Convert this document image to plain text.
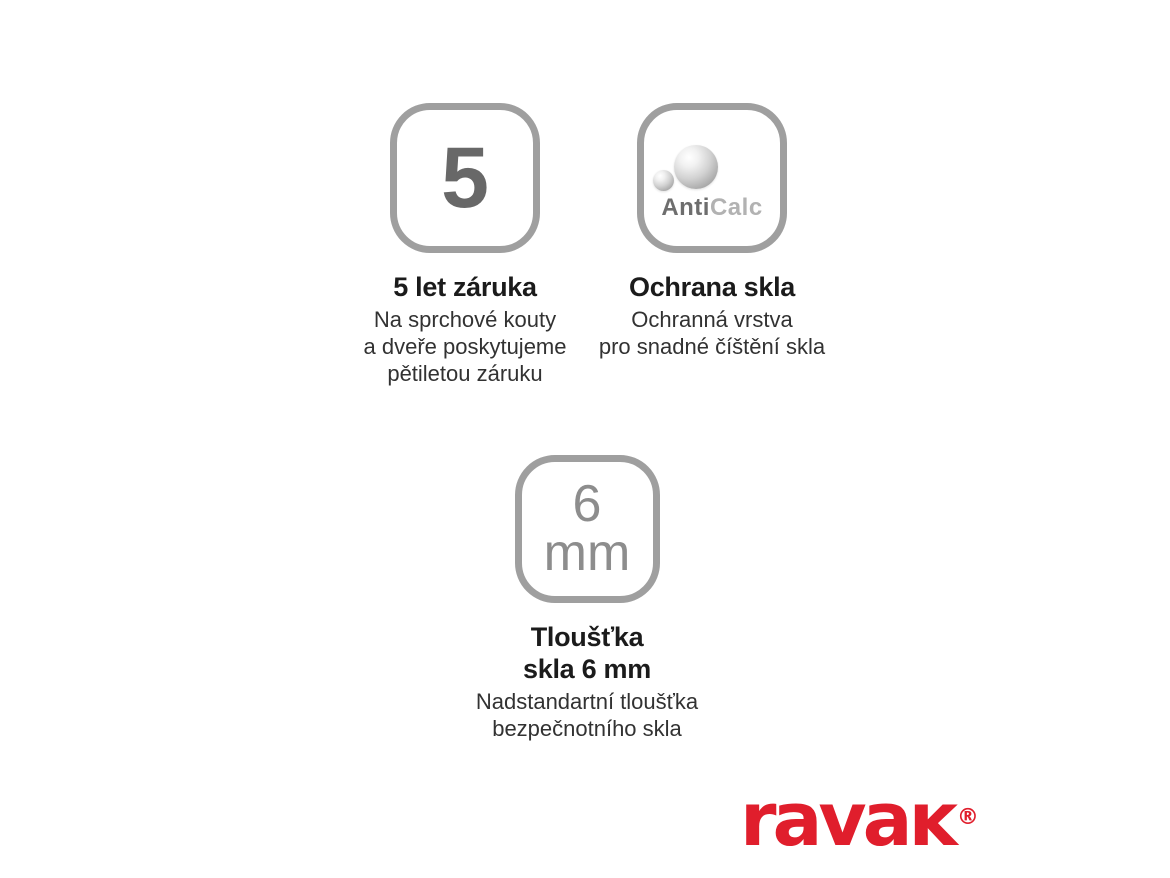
5
5 let záruka
Na sprchové kouty
a dveře poskytujeme
pětiletou záruku
AntiCalc
Ochrana skla
Ochranná vrstva
pro snadné číštění skla
6
mm
Tloušťka
skla 6 mm
Nadstandartní tloušťka
bezpečnotního skla
ravaĸ ®
